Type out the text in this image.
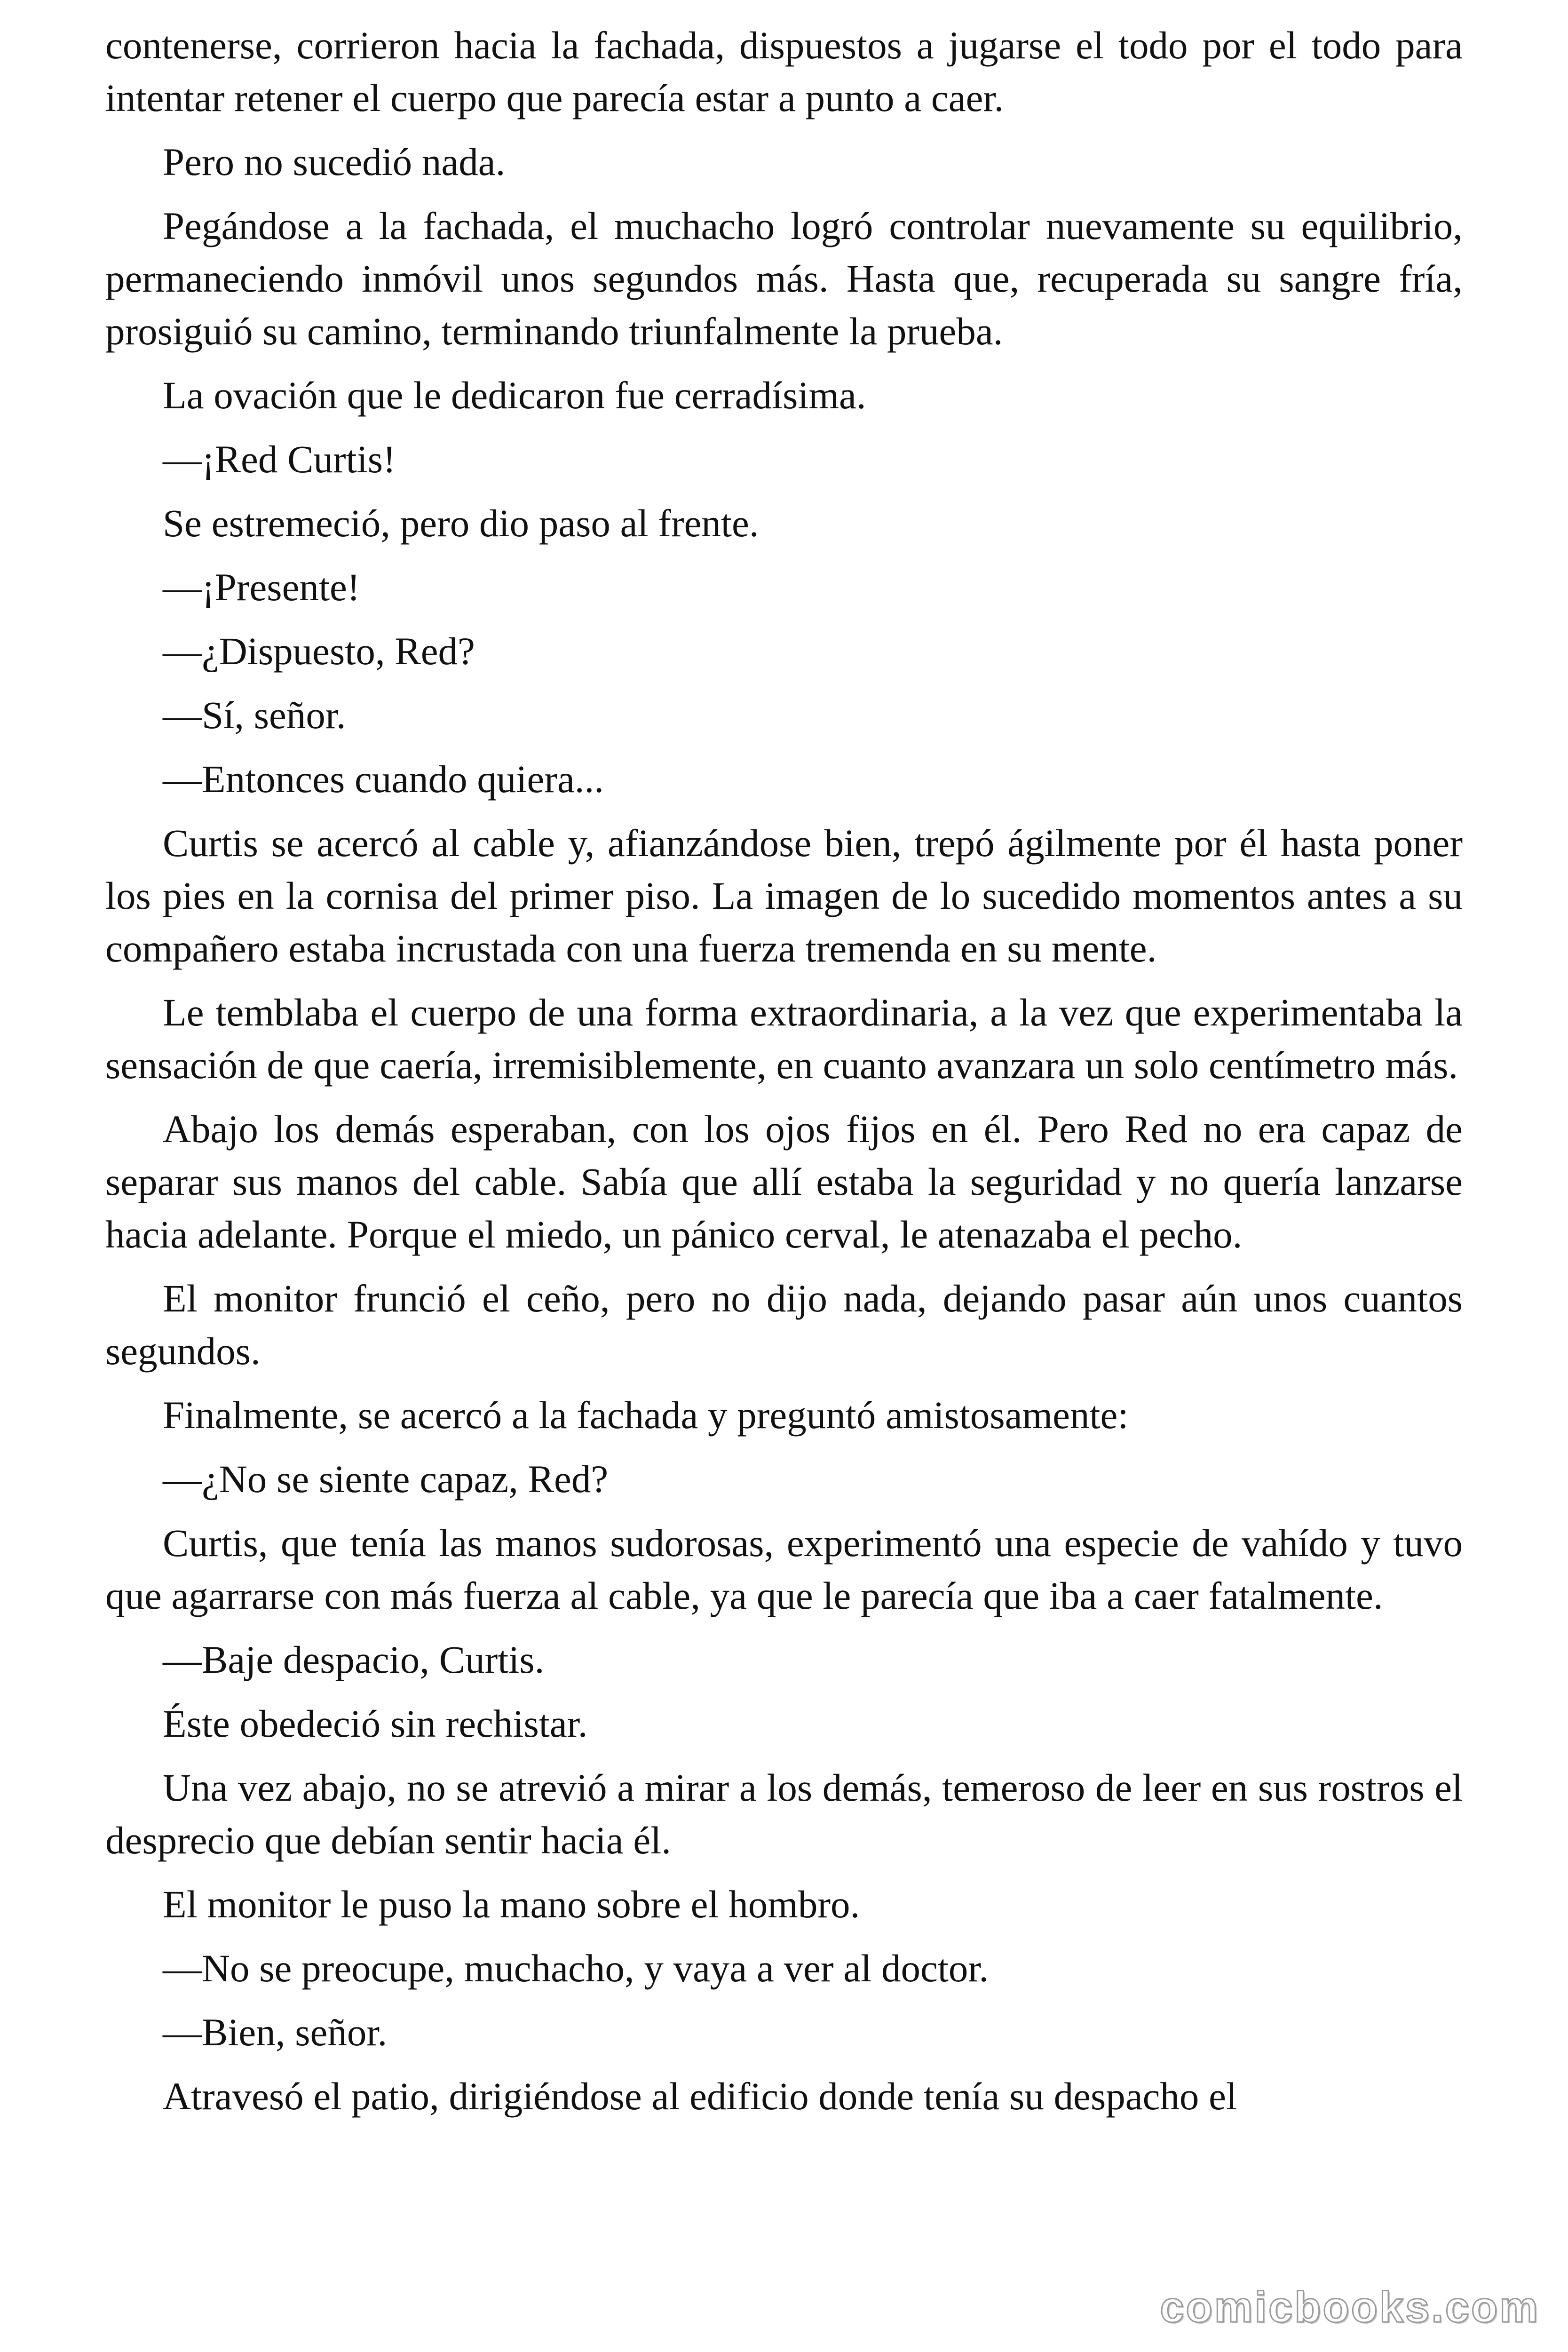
contenerse, corrieron hacia la fachada, dispuestos a jugarse el todo por el todo para intentar retener el cuerpo que parecía estar a punto a caer.

Pero no sucedió nada.

Pegándose a la fachada, el muchacho logró controlar nuevamente su equilibrio, permaneciendo inmóvil unos segundos más. Hasta que, recuperada su sangre fría, prosiguió su camino, terminando triunfalmente la prueba.

La ovación que le dedicaron fue cerradísima.

—¡Red Curtis!

Se estremeció, pero dio paso al frente.

—¡Presente!

—¿Dispuesto, Red?

—Sí, señor.

—Entonces cuando quiera...

Curtis se acercó al cable y, afianzándose bien, trepó ágilmente por él hasta poner los pies en la cornisa del primer piso. La imagen de lo sucedido momentos antes a su compañero estaba incrustada con una fuerza tremenda en su mente.

Le temblaba el cuerpo de una forma extraordinaria, a la vez que experimentaba la sensación de que caería, irremisiblemente, en cuanto avanzara un solo centímetro más.

Abajo los demás esperaban, con los ojos fijos en él. Pero Red no era capaz de separar sus manos del cable. Sabía que allí estaba la seguridad y no quería lanzarse hacia adelante. Porque el miedo, un pánico cerval, le atenazaba el pecho.

El monitor frunció el ceño, pero no dijo nada, dejando pasar aún unos cuantos segundos.

Finalmente, se acercó a la fachada y preguntó amistosamente:

—¿No se siente capaz, Red?

Curtis, que tenía las manos sudorosas, experimentó una especie de vahído y tuvo que agarrarse con más fuerza al cable, ya que le parecía que iba a caer fatalmente.

—Baje despacio, Curtis.

Éste obedeció sin rechistar.

Una vez abajo, no se atrevió a mirar a los demás, temeroso de leer en sus rostros el desprecio que debían sentir hacia él.

El monitor le puso la mano sobre el hombro.

—No se preocupe, muchacho, y vaya a ver al doctor.

—Bien, señor.

Atravesó el patio, dirigiéndose al edificio donde tenía su despacho el

comicbooks.com
